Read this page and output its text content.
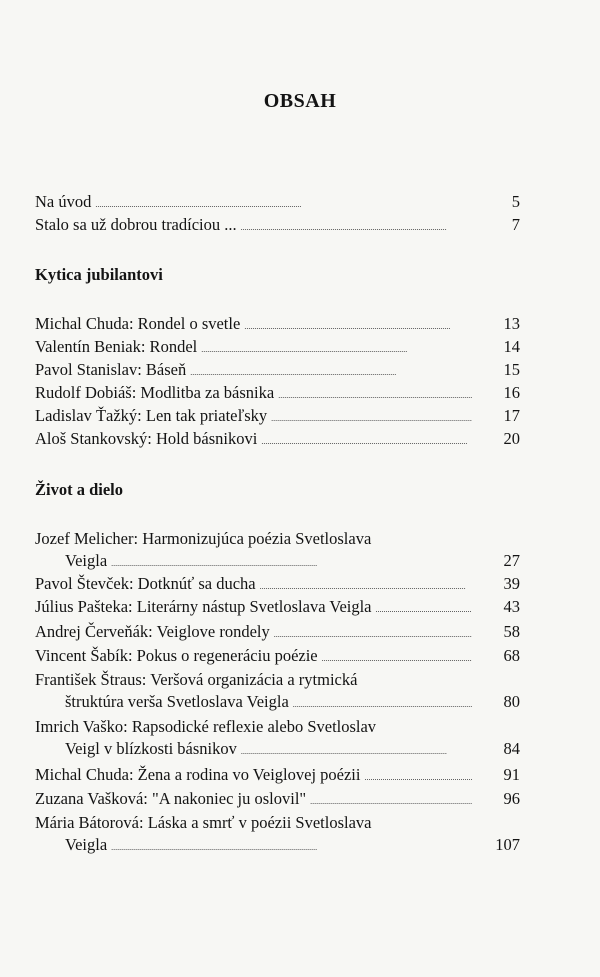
OBSAH
Na úvod . . .	5
Stalo sa už dobrou tradíciou ... . . .	7
Kytica jubilantovi
Michal Chuda: Rondel o svetle . . .	13
Valentín Beniak: Rondel . . .	14
Pavol Stanislav: Báseň . . .	15
Rudolf Dobiáš: Modlitba za básnika . . .	16
Ladislav Ťažký: Len tak priateľsky . . .	17
Aloš Stankovský: Hold básnikovi . . .	20
Život a dielo
Jozef Melicher: Harmonizujúca poézia Svetloslava
Veigla . . .	27
Pavol Števček: Dotknúť sa ducha . . .	39
Július Pašteka: Literárny nástup Svetloslava Veigla . . .	43
Andrej Červeňák: Veiglove rondely . . .	58
Vincent Šabík: Pokus o regeneráciu poézie . . .	68
František Štraus: Veršová organizácia a rytmická
štruktúra verša Svetloslava Veigla . . .	80
Imrich Vaško: Rapsodické reflexie alebo Svetloslav
Veigl v blízkosti básnikov . . .	84
Michal Chuda: Žena a rodina vo Veiglovej poézii . . .	91
Zuzana Vašková: "A nakoniec ju oslovil" . . .	96
Mária Bátorová: Láska a smrť v poézii Svetloslava
Veigla . . .	107
